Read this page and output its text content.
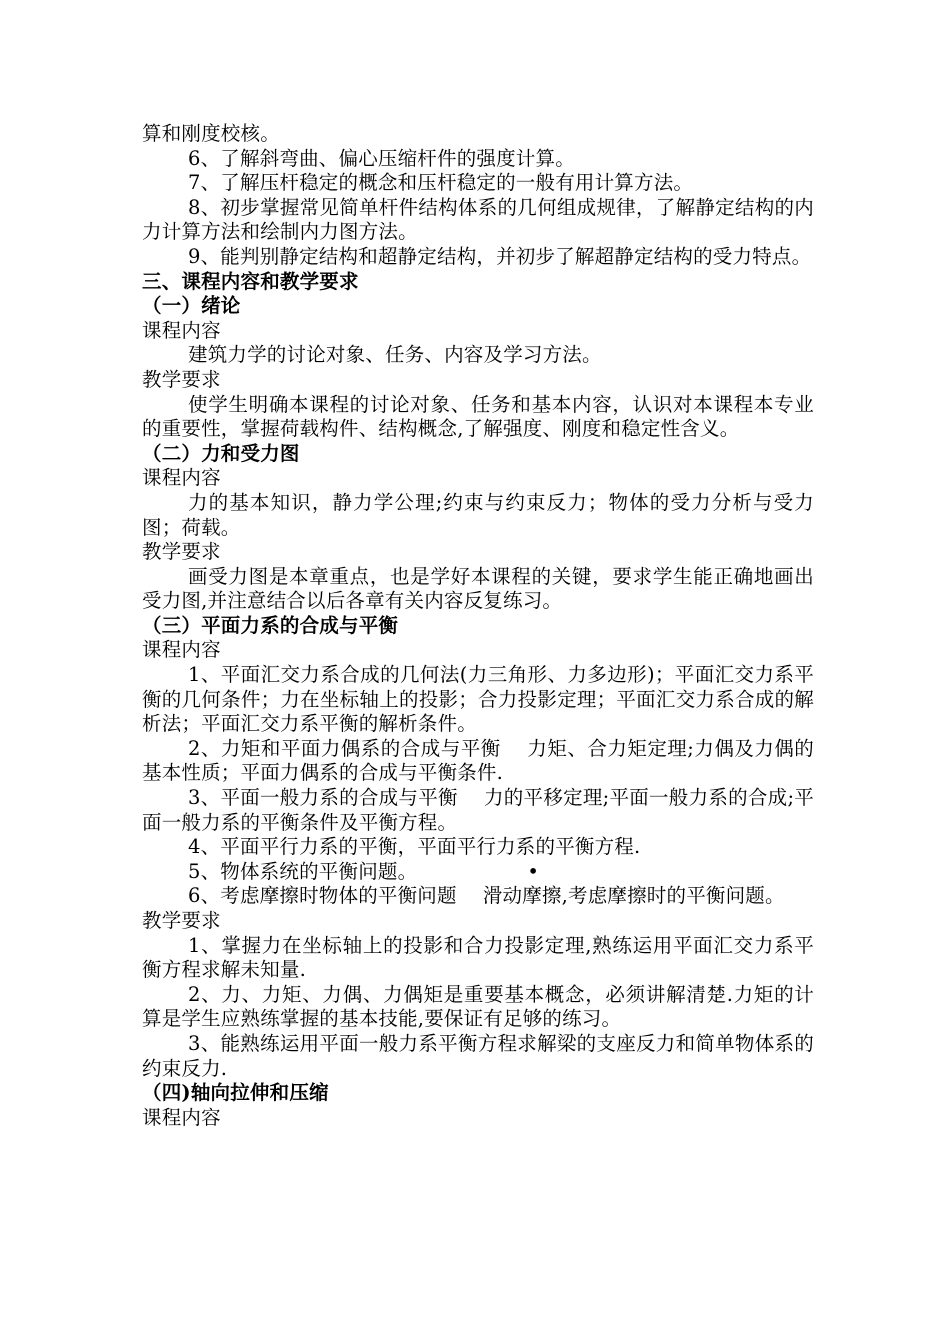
算和刚度校核。

6、了解斜弯曲、偏心压缩杆件的强度计算。

7、了解压杆稳定的概念和压杆稳定的一般有用计算方法。

8、初步掌握常见简单杆件结构体系的几何组成规律，了解静定结构的内力计算方法和绘制内力图方法。

9、能判别静定结构和超静定结构，并初步了解超静定结构的受力特点。

三、课程内容和教学要求

（一）绪论

课程内容

建筑力学的讨论对象、任务、内容及学习方法。

教学要求

使学生明确本课程的讨论对象、任务和基本内容，认识对本课程本专业的重要性，掌握荷载构件、结构概念,了解强度、刚度和稳定性含义。

（二）力和受力图

课程内容

力的基本知识，静力学公理;约束与约束反力；物体的受力分析与受力图；荷载。

教学要求

画受力图是本章重点，也是学好本课程的关键，要求学生能正确地画出受力图,并注意结合以后各章有关内容反复练习。

（三）平面力系的合成与平衡

课程内容

1、平面汇交力系合成的几何法(力三角形、力多边形)；平面汇交力系平衡的几何条件；力在坐标轴上的投影；合力投影定理；平面汇交力系合成的解析法；平面汇交力系平衡的解析条件。

2、力矩和平面力偶系的合成与平衡　 力矩、合力矩定理;力偶及力偶的基本性质；平面力偶系的合成与平衡条件.

3、平面一般力系的合成与平衡　 力的平移定理;平面一般力系的合成;平面一般力系的平衡条件及平衡方程。

4、平面平行力系的平衡，平面平行力系的平衡方程.

5、物体系统的平衡问题。	•

6、考虑摩擦时物体的平衡问题　 滑动摩擦,考虑摩擦时的平衡问题。

教学要求

1、掌握力在坐标轴上的投影和合力投影定理,熟练运用平面汇交力系平衡方程求解未知量.

2、力、力矩、力偶、力偶矩是重要基本概念，必须讲解清楚.力矩的计算是学生应熟练掌握的基本技能,要保证有足够的练习。

3、能熟练运用平面一般力系平衡方程求解梁的支座反力和简单物体系的约束反力.

（四)轴向拉伸和压缩

课程内容
